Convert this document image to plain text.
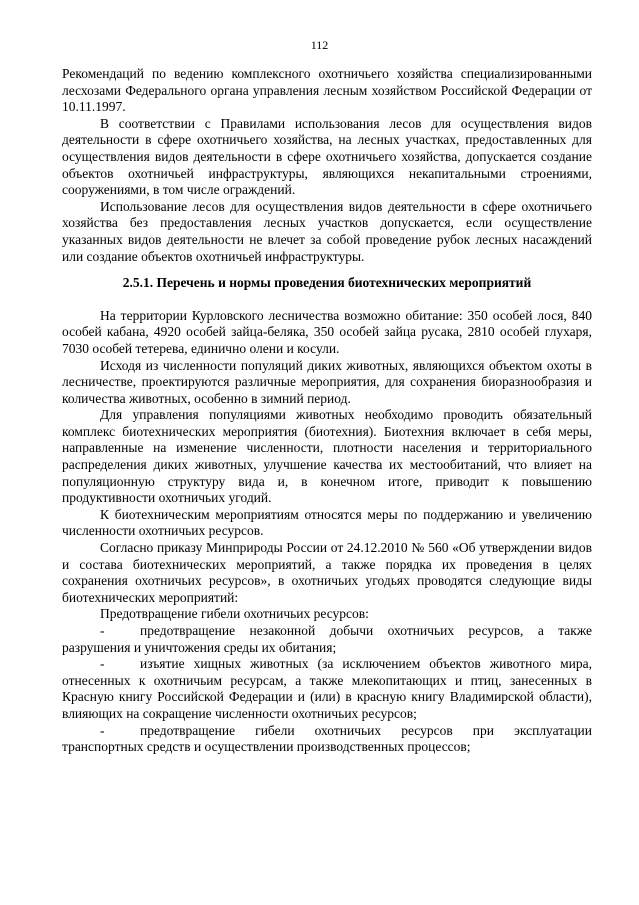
112

Рекомендаций по ведению комплексного охотничьего хозяйства специализированными лесхозами Федерального органа управления лесным хозяйством Российской Федерации от 10.11.1997.

В соответствии с Правилами использования лесов для осуществления видов деятельности в сфере охотничьего хозяйства, на лесных участках, предоставленных для осуществления видов деятельности в сфере охотничьего хозяйства, допускается создание объектов охотничьей инфраструктуры, являющихся некапитальными строениями, сооружениями, в том числе ограждений.

Использование лесов для осуществления видов деятельности в сфере охотничьего хозяйства без предоставления лесных участков допускается, если осуществление указанных видов деятельности не влечет за собой проведение рубок лесных насаждений или создание объектов охотничьей инфраструктуры.

2.5.1. Перечень и нормы проведения биотехнических мероприятий

На территории Курловского лесничества возможно обитание: 350 особей лося, 840 особей кабана, 4920 особей зайца-беляка, 350 особей зайца русака, 2810 особей глухаря, 7030 особей тетерева, единично олени и косули.

Исходя из численности популяций диких животных, являющихся объектом охоты в лесничестве, проектируются различные мероприятия, для сохранения биоразнообразия и количества животных, особенно в зимний период.

Для управления популяциями животных необходимо проводить обязательный комплекс биотехнических мероприятия (биотехния). Биотехния включает в себя меры, направленные на изменение численности, плотности населения и территориального распределения диких животных, улучшение качества их местообитаний, что влияет на популяционную структуру вида и, в конечном итоге, приводит к повышению продуктивности охотничьих угодий.

К биотехническим мероприятиям относятся меры по поддержанию и увеличению численности охотничьих ресурсов.

Согласно приказу Минприроды России от 24.12.2010 № 560 «Об утверждении видов и состава биотехнических мероприятий, а также порядка их проведения в целях сохранения охотничьих ресурсов», в охотничьих угодьях проводятся следующие виды биотехнических мероприятий:

Предотвращение гибели охотничьих ресурсов:

-	предотвращение незаконной добычи охотничьих ресурсов, а также разрушения и уничтожения среды их обитания;

-	изъятие хищных животных (за исключением объектов животного мира, отнесенных к охотничьим ресурсам, а также млекопитающих и птиц, занесенных в Красную книгу Российской Федерации и (или) в красную книгу Владимирской области), влияющих на сокращение численности охотничьих ресурсов;

-	предотвращение гибели охотничьих ресурсов при эксплуатации транспортных средств и осуществлении производственных процессов;
